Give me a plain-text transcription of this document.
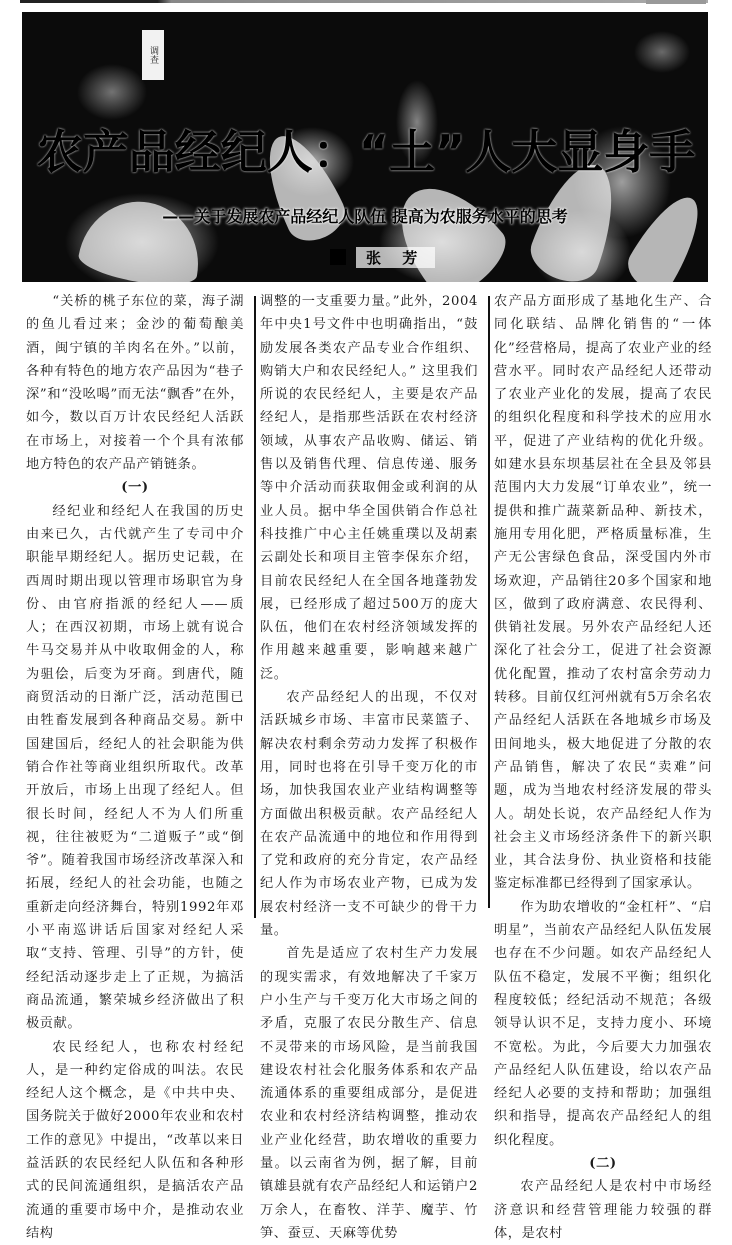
调查
农产品经纪人：“土”人大显身手
——关于发展农产品经纪人队伍 提高为农服务水平的思考
张 芳

“关桥的桃子东位的菜，海子湖的鱼儿看过来；金沙的葡萄酿美酒，闽宁镇的羊肉名在外。”以前，各种有特色的地方农产品因为“巷子深”和“没吆喝”而无法“飘香”在外，如今，数以百万计农民经纪人活跃在市场上，对接着一个个具有浓郁地方特色的农产品产销链条。

(一)

经纪业和经纪人在我国的历史由来已久，古代就产生了专司中介职能早期经纪人。据历史记载，在西周时期出现以管理市场职官为身份、由官府指派的经纪人——质人；在西汉初期，市场上就有说合牛马交易并从中收取佣金的人，称为驵侩，后变为牙商。到唐代，随商贸活动的日渐广泛，活动范围已由牲畜发展到各种商品交易。新中国建国后，经纪人的社会职能为供销合作社等商业组织所取代。改革开放后，市场上出现了经纪人。但很长时间，经纪人不为人们所重视，往往被贬为“二道贩子”或“倒爷”。随着我国市场经济改革深入和拓展，经纪人的社会功能，也随之重新走向经济舞台，特别1992年邓小平南巡讲话后国家对经纪人采取“支持、管理、引导”的方针，使经纪活动逐步走上了正规，为搞活商品流通，繁荣城乡经济做出了积极贡献。

农民经纪人，也称农村经纪人，是一种约定俗成的叫法。农民经纪人这个概念，是《中共中央、国务院关于做好2000年农业和农村工作的意见》中提出，“改革以来日益活跃的农民经纪人队伍和各种形式的民间流通组织，是搞活农产品流通的重要市场中介，是推动农业结构

调整的一支重要力量。”此外，2004年中央1号文件中也明确指出，“鼓励发展各类农产品专业合作组织、购销大户和农民经纪人。” 这里我们所说的农民经纪人，主要是农产品经纪人，是指那些活跃在农村经济领域，从事农产品收购、储运、销售以及销售代理、信息传递、服务等中介活动而获取佣金或利润的从业人员。据中华全国供销合作总社科技推广中心主任姚重璞以及胡素云副处长和项目主管李保东介绍，目前农民经纪人在全国各地蓬勃发展，已经形成了超过500万的庞大队伍，他们在农村经济领域发挥的作用越来越重要，影响越来越广泛。

农产品经纪人的出现，不仅对活跃城乡市场、丰富市民菜篮子、解决农村剩余劳动力发挥了积极作用，同时也将在引导千变万化的市场，加快我国农业产业结构调整等方面做出积极贡献。农产品经纪人在农产品流通中的地位和作用得到了党和政府的充分肯定，农产品经纪人作为市场农业产物，已成为发展农村经济一支不可缺少的骨干力量。

首先是适应了农村生产力发展的现实需求，有效地解决了千家万户小生产与千变万化大市场之间的矛盾，克服了农民分散生产、信息不灵带来的市场风险，是当前我国建设农村社会化服务体系和农产品流通体系的重要组成部分，是促进农业和农村经济结构调整，推动农业产业化经营，助农增收的重要力量。以云南省为例，据了解，目前镇雄县就有农产品经纪人和运销户2万余人，在畜牧、洋芋、魔芋、竹笋、蚕豆、天麻等优势

农产品方面形成了基地化生产、合同化联结、品牌化销售的“一体化”经营格局，提高了农业产业的经营水平。同时农产品经纪人还带动了农业产业化的发展，提高了农民的组织化程度和科学技术的应用水平，促进了产业结构的优化升级。如建水县东坝基层社在全县及邻县范围内大力发展“订单农业”，统一提供和推广蔬菜新品种、新技术，施用专用化肥，严格质量标准，生产无公害绿色食品，深受国内外市场欢迎，产品销往20多个国家和地区，做到了政府满意、农民得利、供销社发展。另外农产品经纪人还深化了社会分工，促进了社会资源优化配置，推动了农村富余劳动力转移。目前仅红河州就有5万余名农产品经纪人活跃在各地城乡市场及田间地头，极大地促进了分散的农产品销售，解决了农民“卖难”问题，成为当地农村经济发展的带头人。胡处长说，农产品经纪人作为社会主义市场经济条件下的新兴职业，其合法身份、执业资格和技能鉴定标准都已经得到了国家承认。

作为助农增收的“金杠杆”、“启明星”，当前农产品经纪人队伍发展也存在不少问题。如农产品经纪人队伍不稳定，发展不平衡；组织化程度较低；经纪活动不规范；各级领导认识不足，支持力度小、环境不宽松。为此，今后要大力加强农产品经纪人队伍建设，给以农产品经纪人必要的支持和帮助；加强组织和指导，提高农产品经纪人的组织化程度。

(二)

农产品经纪人是农村中市场经济意识和经营管理能力较强的群体，是农村
